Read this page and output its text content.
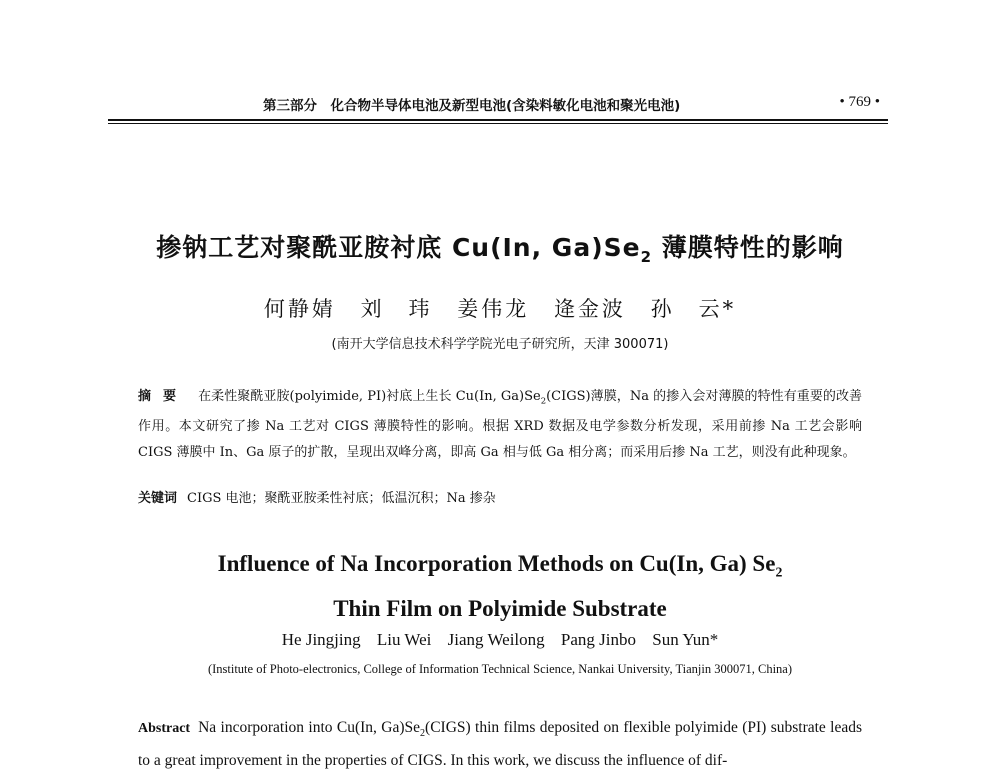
第三部分　化合物半导体电池及新型电池(含染料敏化电池和聚光电池)	• 769 •
掺钠工艺对聚酰亚胺衬底 Cu(In, $Ga)Se_2$ 薄膜特性的影响
何静婧 刘　玮 姜伟龙 逄金波 孙　云*
(南开大学信息技术科学学院光电子研究所，天津 300071)
摘要 在柔性聚酰亚胺(polyimide, PI)衬底上生长 Cu(In, $Ga)Se_2(CIGS)$薄膜，Na 的掺入会对薄膜的特性有重要的改善作用。本文研究了掺 Na 工艺对 CIGS 薄膜特性的影响。根据 XRD 数据及电学参数分析发现，采用前掺 Na 工艺会影响 CIGS 薄膜中 In、Ga 原子的扩散，呈现出双峰分离，即高 Ga 相与低 Ga 相分离；而采用后掺 Na 工艺，则没有此种现象。
关键词 CIGS 电池；聚酰亚胺柔性衬底；低温沉积；Na 掺杂
Influence of Na Incorporation Methods on Cu(In, Ga) $Se_2$
Thin Film on Polyimide Substrate
He Jingjing Liu Wei Jiang Weilong Pang Jinbo Sun Yun*
(Institute of Photo-electronics, College of Information Technical Science, Nankai University, Tianjin 300071, China)
Abstract Na incorporation into Cu(In, $Ga)Se_2(CIGS)$ thin films deposited on flexible polyimide (PI) substrate leads to a great improvement in the properties of CIGS. In this work, we discuss the influence of dif-
